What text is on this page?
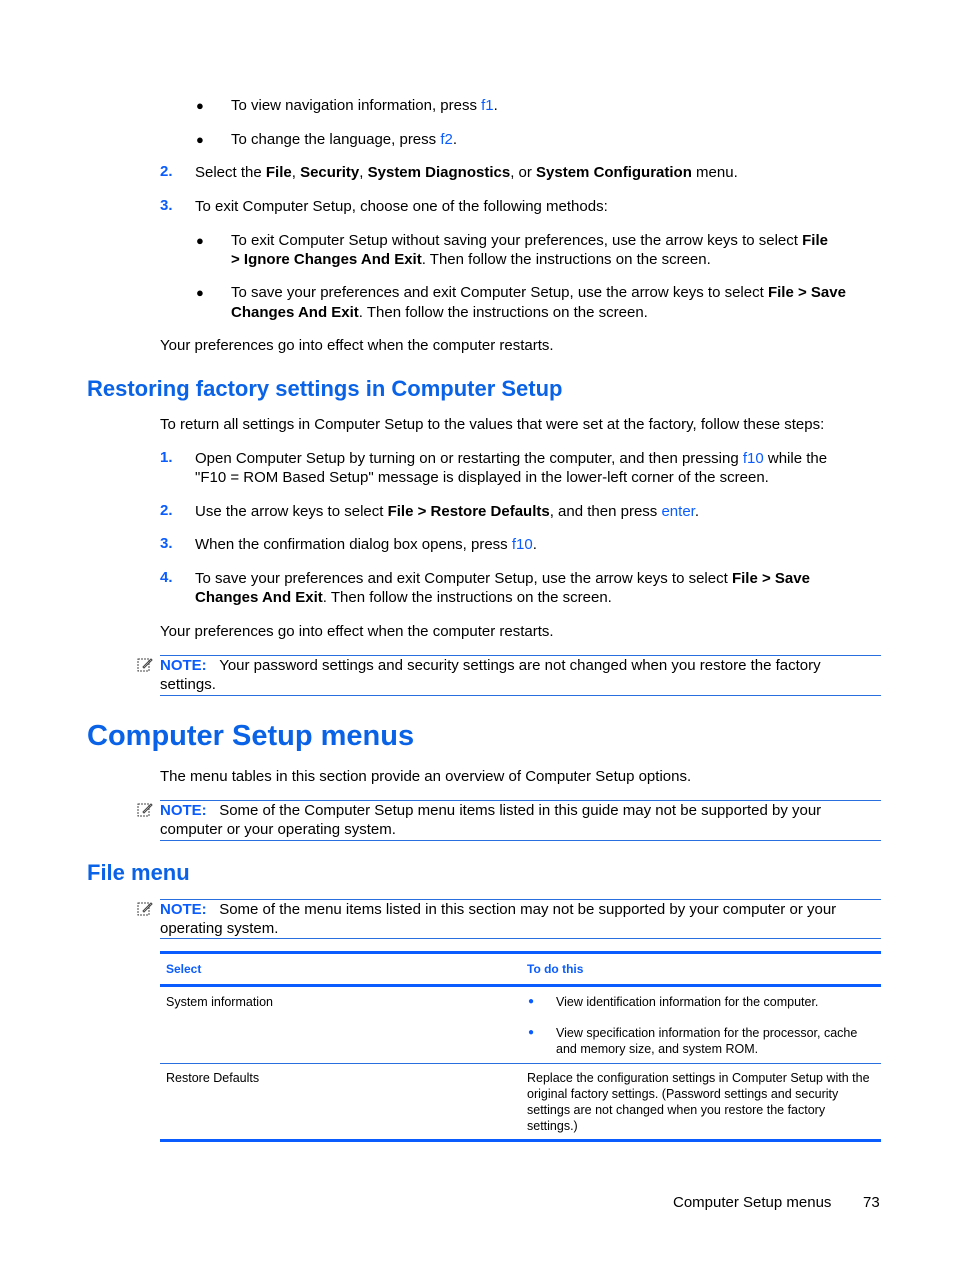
● To view navigation information, press f1.
● To change the language, press f2.
2. Select the File, Security, System Diagnostics, or System Configuration menu.
3. To exit Computer Setup, choose one of the following methods:
● To exit Computer Setup without saving your preferences, use the arrow keys to select File
> Ignore Changes And Exit. Then follow the instructions on the screen.
● To save your preferences and exit Computer Setup, use the arrow keys to select File > Save
Changes And Exit. Then follow the instructions on the screen.
Your preferences go into effect when the computer restarts.
Restoring factory settings in Computer Setup
To return all settings in Computer Setup to the values that were set at the factory, follow these steps:
1. Open Computer Setup by turning on or restarting the computer, and then pressing f10 while the
"F10 = ROM Based Setup" message is displayed in the lower-left corner of the screen.
2. Use the arrow keys to select File > Restore Defaults, and then press enter.
3. When the confirmation dialog box opens, press f10.
4. To save your preferences and exit Computer Setup, use the arrow keys to select File > Save
Changes And Exit. Then follow the instructions on the screen.
Your preferences go into effect when the computer restarts.
NOTE: Your password settings and security settings are not changed when you restore the factory
settings.
Computer Setup menus
The menu tables in this section provide an overview of Computer Setup options.
NOTE: Some of the Computer Setup menu items listed in this guide may not be supported by your
computer or your operating system.
File menu
NOTE: Some of the menu items listed in this section may not be supported by your computer or your
operating system.
Select	To do this
System information	● View identification information for the computer.
● View specification information for the processor, cache
and memory size, and system ROM.
Restore Defaults	Replace the configuration settings in Computer Setup with the
original factory settings. (Password settings and security
settings are not changed when you restore the factory
settings.)
Computer Setup menus 73
